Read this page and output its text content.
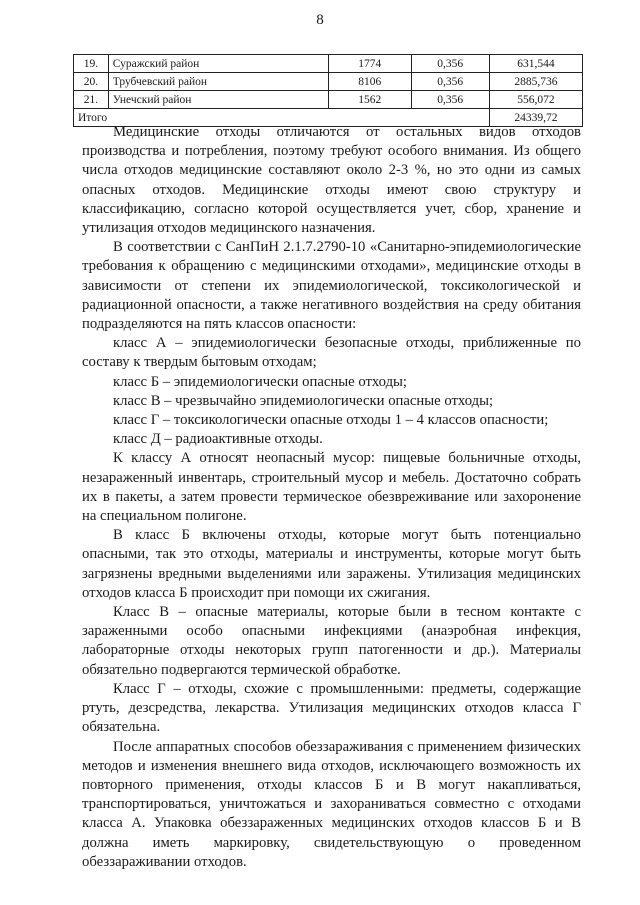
8
19.	Суражский район	1774	0,356	631,544
20.	Трубчевский район	8106	0,356	2885,736
21.	Унечский район	1562	0,356	556,072
Итого				24339,72

Медицинские отходы отличаются от остальных видов отходов производства и потребления, поэтому требуют особого внимания. Из общего числа отходов медицинские составляют около 2-3 %, но это одни из самых опасных отходов. Медицинские отходы имеют свою структуру и классификацию, согласно которой осуществляется учет, сбор, хранение и утилизация отходов медицинского назначения.

В соответствии с СанПиН 2.1.7.2790-10 «Санитарно-эпидемиологические требования к обращению с медицинскими отходами», медицинские отходы в зависимости от степени их эпидемиологической, токсикологической и радиационной опасности, а также негативного воздействия на среду обитания подразделяются на пять классов опасности:

класс А – эпидемиологически безопасные отходы, приближенные по составу к твердым бытовым отходам;

класс Б – эпидемиологически опасные отходы;

класс В – чрезвычайно эпидемиологически опасные отходы;

класс Г – токсикологически опасные отходы 1 – 4 классов опасности;

класс Д – радиоактивные отходы.

К классу А относят неопасный мусор: пищевые больничные отходы, незараженный инвентарь, строительный мусор и мебель. Достаточно собрать их в пакеты, а затем провести термическое обезвреживание или захоронение на специальном полигоне.

В класс Б включены отходы, которые могут быть потенциально опасными, так это отходы, материалы и инструменты, которые могут быть загрязнены вредными выделениями или заражены. Утилизация медицинских отходов класса Б происходит при помощи их сжигания.

Класс В – опасные материалы, которые были в тесном контакте с зараженными особо опасными инфекциями (анаэробная инфекция, лабораторные отходы некоторых групп патогенности и др.). Материалы обязательно подвергаются термической обработке.

Класс Г – отходы, схожие с промышленными: предметы, содержащие ртуть, дезсредства, лекарства. Утилизация медицинских отходов класса Г обязательна.

После аппаратных способов обеззараживания с применением физических методов и изменения внешнего вида отходов, исключающего возможность их повторного применения, отходы классов Б и В могут накапливаться, транспортироваться, уничтожаться и захораниваться совместно с отходами класса А. Упаковка обеззараженных медицинских отходов классов Б и В должна иметь маркировку, свидетельствующую о проведенном обеззараживании отходов.
